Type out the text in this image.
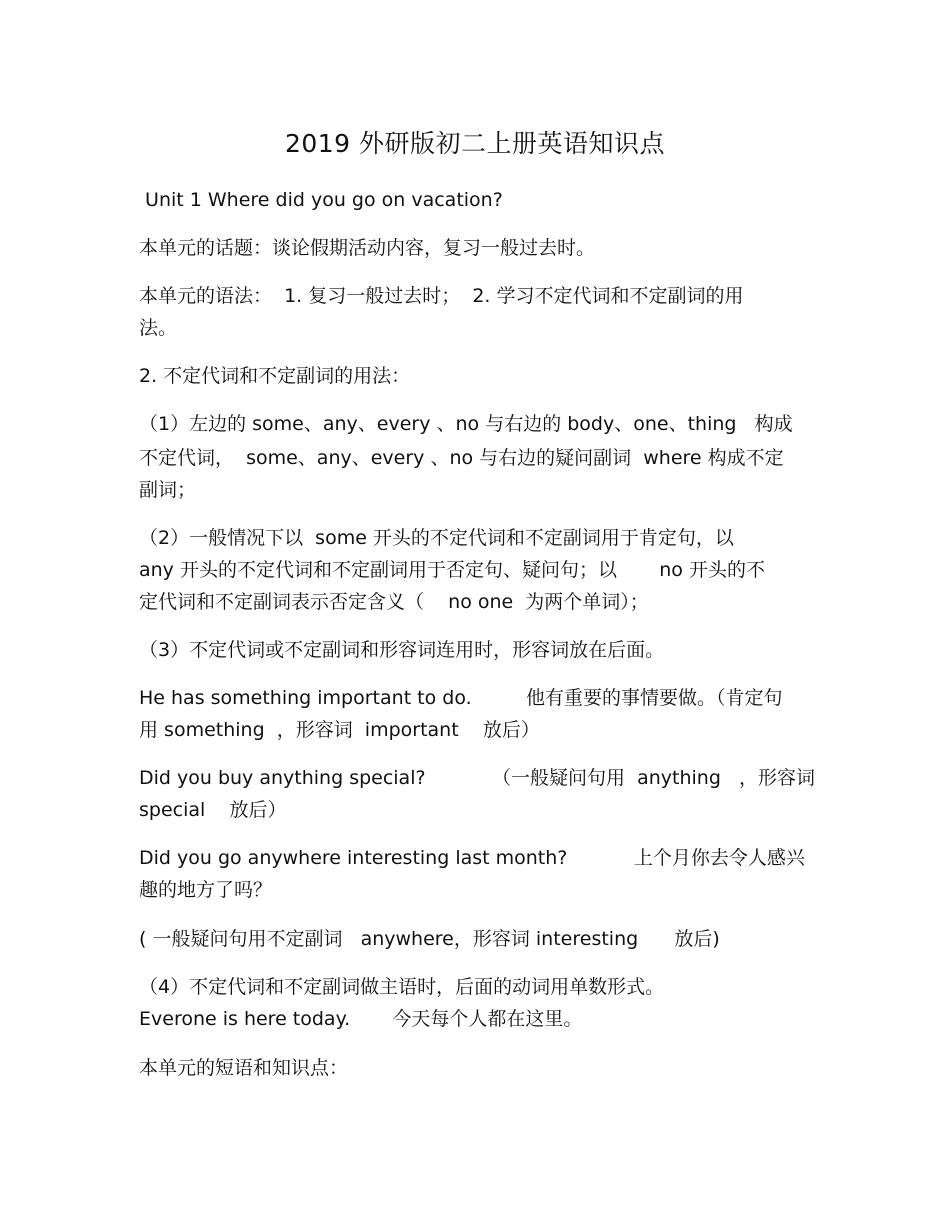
2019 外研版初二上册英语知识点
Unit 1 Where did you go on vacation?
本单元的话题：谈论假期活动内容，复习一般过去时。
本单元的语法：  1. 复习一般过去时；  2. 学习不定代词和不定副词的用
法。
2. 不定代词和不定副词的用法：
（1）左边的 some、any、every 、no 与右边的 body、one、thing   构成
不定代词，  some、any、every 、no 与右边的疑问副词  where 构成不定
副词；
（2）一般情况下以  some 开头的不定代词和不定副词用于肯定句，以
any 开头的不定代词和不定副词用于否定句、疑问句；以       no 开头的不
定代词和不定副词表示否定含义（    no one  为两个单词）；
（3）不定代词或不定副词和形容词连用时，形容词放在后面。
He has something important to do.         他有重要的事情要做。（肯定句
用 something  ，形容词  important    放后）
Did you buy anything special?           （一般疑问句用  anything   ，形容词
special    放后）
Did you go anywhere interesting last month?           上个月你去令人感兴
趣的地方了吗？
( 一般疑问句用不定副词   anywhere，形容词 interesting      放后)
（4）不定代词和不定副词做主语时，后面的动词用单数形式。
Everone is here today.       今天每个人都在这里。
本单元的短语和知识点：
